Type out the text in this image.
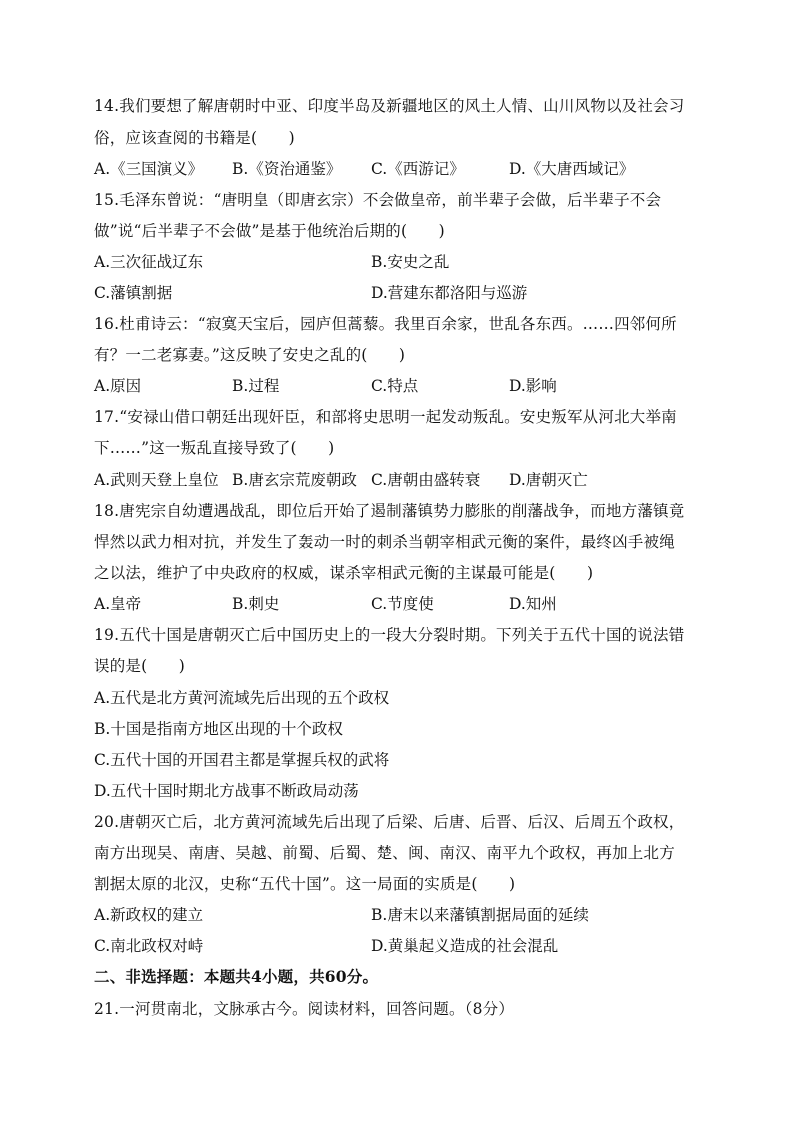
14.我们要想了解唐朝时中亚、印度半岛及新疆地区的风土人情、山川风物以及社会习
俗，应该查阅的书籍是(　　)
A.《三国演义》 B.《资治通鉴》 C.《西游记》	D.《大唐西域记》
15.毛泽东曾说：“唐明皇（即唐玄宗）不会做皇帝，前半辈子会做，后半辈子不会
做”说“后半辈子不会做”是基于他统治后期的(　　)
A.三次征战辽东	B.安史之乱
C.藩镇割据	D.营建东都洛阳与巡游
16.杜甫诗云：“寂寞天宝后，园庐但蒿藜。我里百余家，世乱各东西。……四邻何所
有？一二老寡妻。”这反映了安史之乱的(　　)
A.原因	B.过程	C.特点	D.影响
17.“安禄山借口朝廷出现奸臣，和部将史思明一起发动叛乱。安史叛军从河北大举南
下……”这一叛乱直接导致了(　　)
A.武则天登上皇位 B.唐玄宗荒废朝政 C.唐朝由盛转衰 D.唐朝灭亡
18.唐宪宗自幼遭遇战乱，即位后开始了遏制藩镇势力膨胀的削藩战争，而地方藩镇竟
悍然以武力相对抗，并发生了轰动一时的刺杀当朝宰相武元衡的案件，最终凶手被绳
之以法，维护了中央政府的权威，谋杀宰相武元衡的主谋最可能是(　　)
A.皇帝	B.刺史	C.节度使	D.知州
19.五代十国是唐朝灭亡后中国历史上的一段大分裂时期。下列关于五代十国的说法错
误的是(　　)
A.五代是北方黄河流域先后出现的五个政权
B.十国是指南方地区出现的十个政权
C.五代十国的开国君主都是掌握兵权的武将
D.五代十国时期北方战事不断政局动荡
20.唐朝灭亡后，北方黄河流域先后出现了后梁、后唐、后晋、后汉、后周五个政权，
南方出现吴、南唐、吴越、前蜀、后蜀、楚、闽、南汉、南平九个政权，再加上北方
割据太原的北汉，史称“五代十国”。这一局面的实质是(　　)
A.新政权的建立	B.唐末以来藩镇割据局面的延续
C.南北政权对峙	D.黄巢起义造成的社会混乱
二、非选择题：本题共4小题，共60分。
21.一河贯南北，文脉承古今。阅读材料，回答问题。（8分）
